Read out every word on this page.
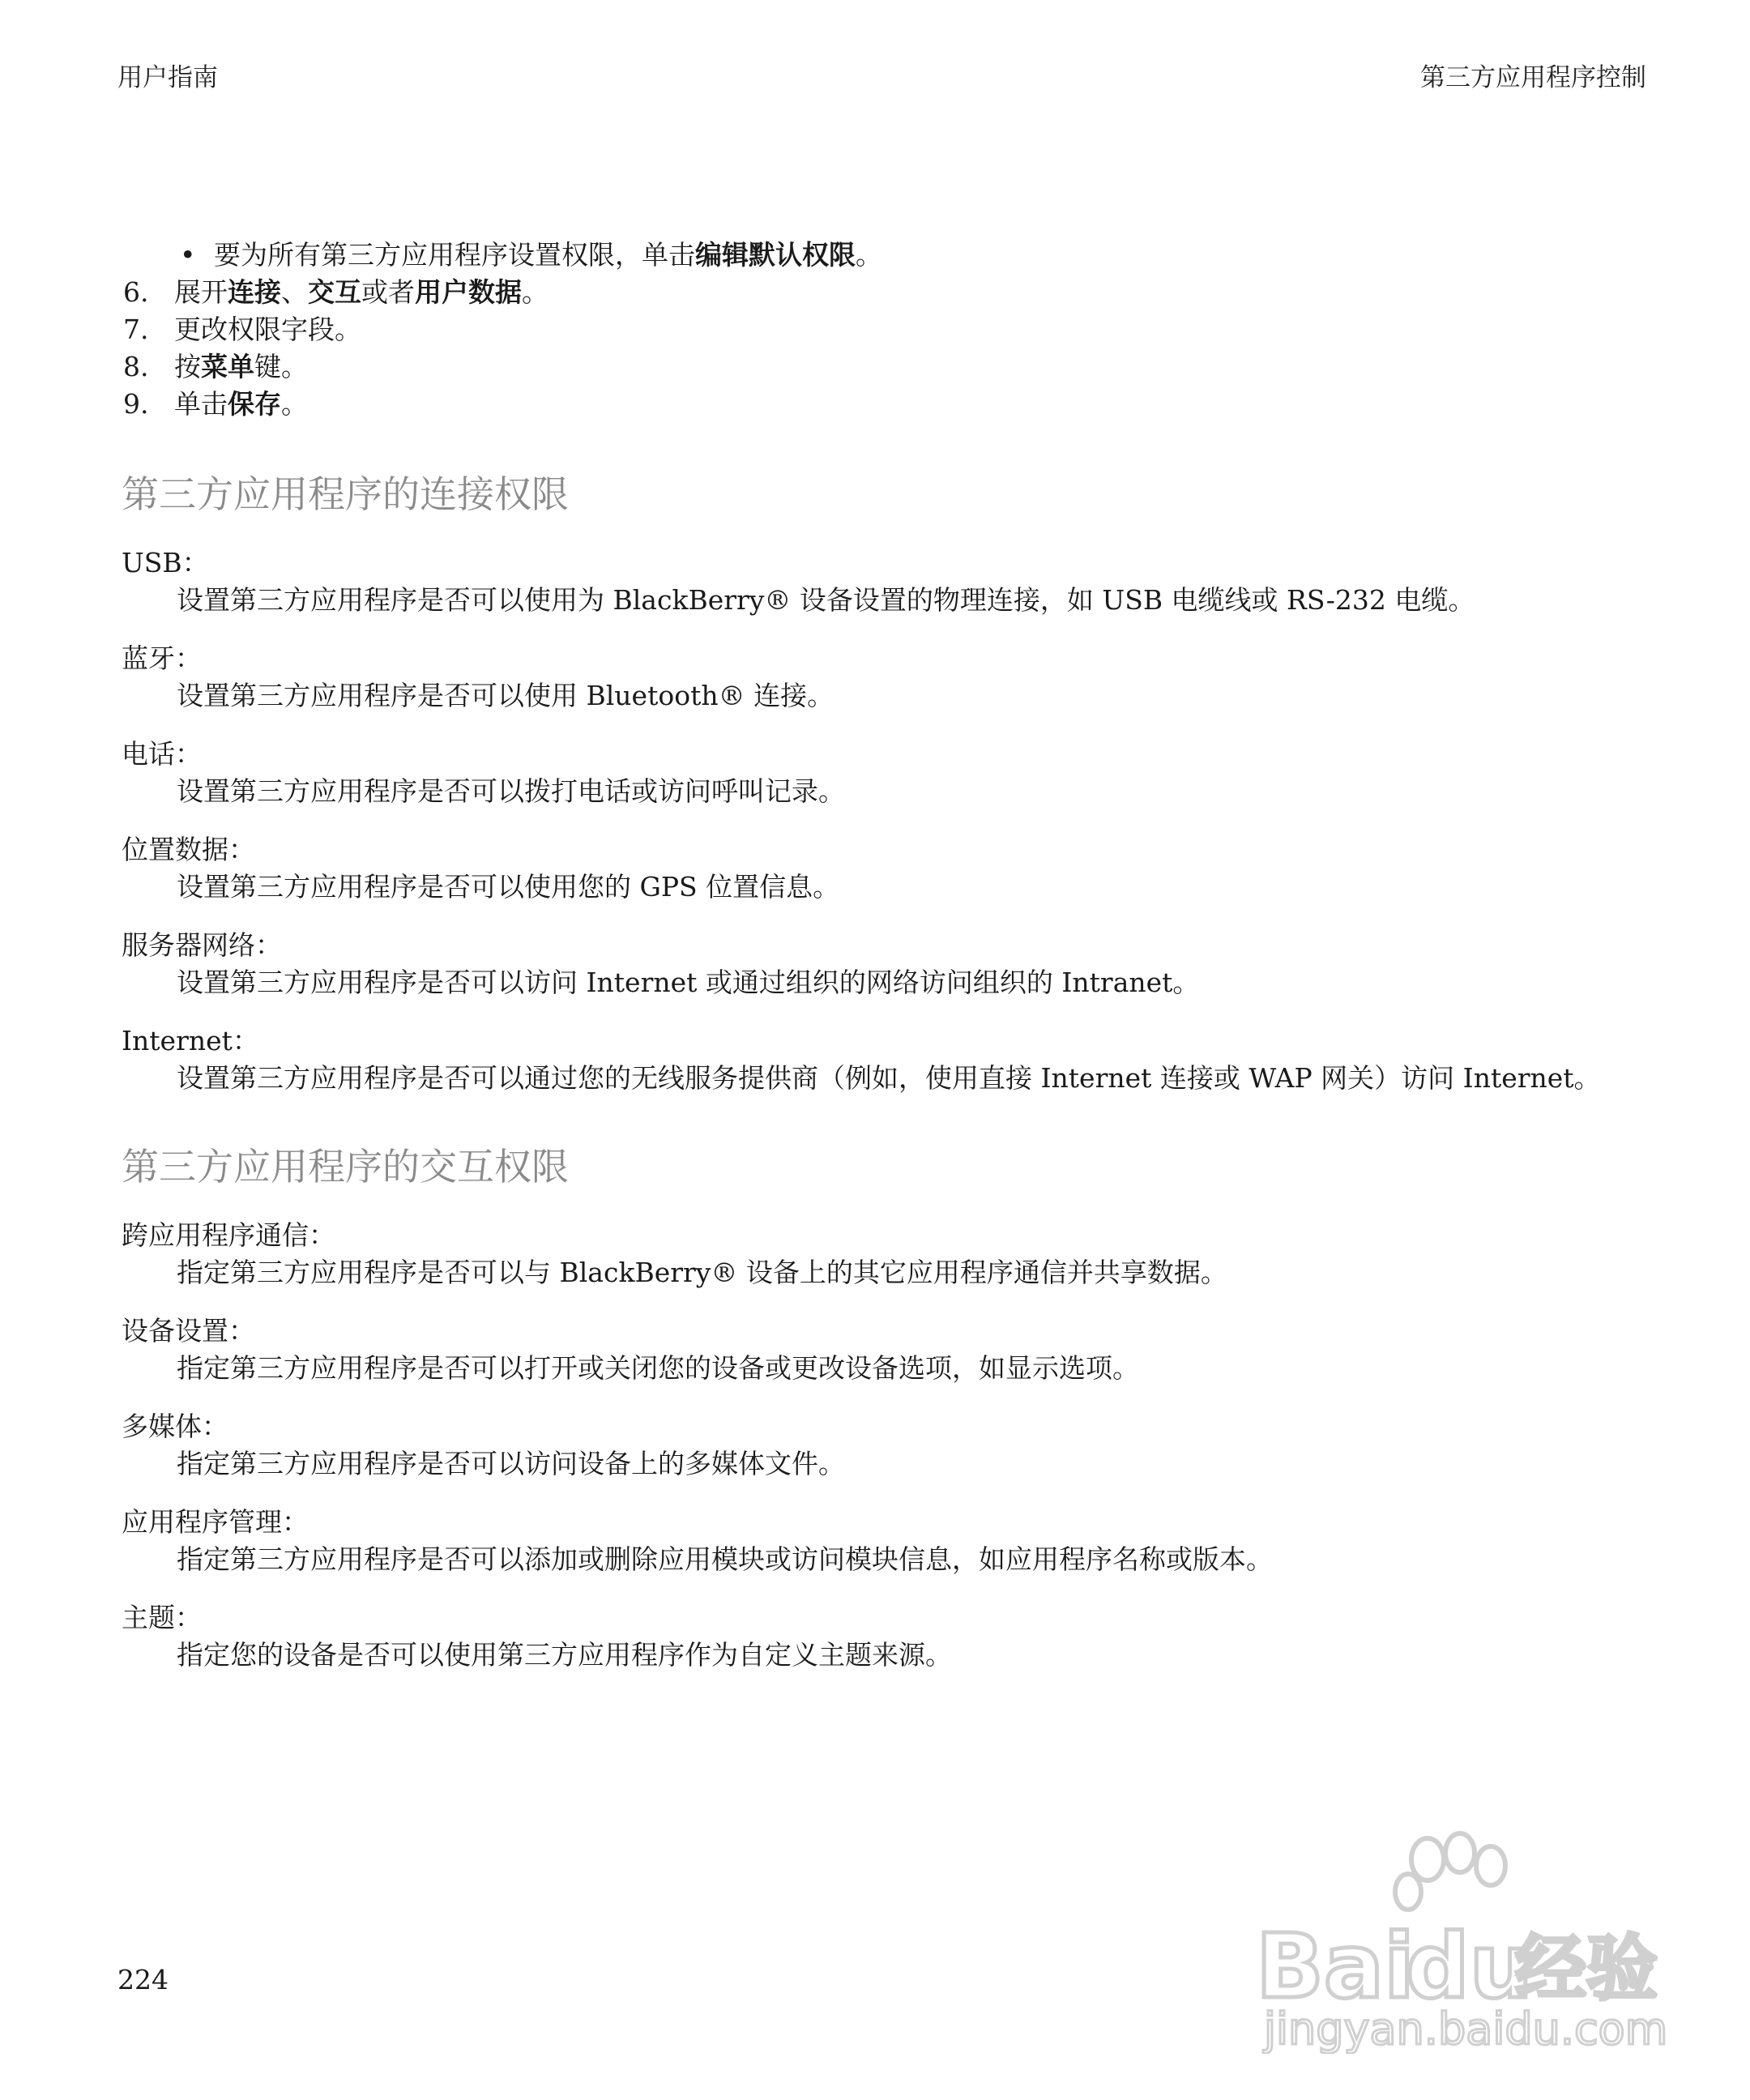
用户指南	第三方应用程序控制
• 要为所有第三方应用程序设置权限，单击编辑默认权限。
6. 展开连接、交互或者用户数据。
7. 更改权限字段。
8. 按菜单键。
9. 单击保存。
第三方应用程序的连接权限
USB：
设置第三方应用程序是否可以使用为 BlackBerry® 设备设置的物理连接，如 USB 电缆线或 RS-232 电缆。
蓝牙：
设置第三方应用程序是否可以使用 Bluetooth® 连接。
电话：
设置第三方应用程序是否可以拨打电话或访问呼叫记录。
位置数据：
设置第三方应用程序是否可以使用您的 GPS 位置信息。
服务器网络：
设置第三方应用程序是否可以访问 Internet 或通过组织的网络访问组织的 Intranet。
Internet：
设置第三方应用程序是否可以通过您的无线服务提供商（例如，使用直接 Internet 连接或 WAP 网关）访问 Internet。
第三方应用程序的交互权限
跨应用程序通信：
指定第三方应用程序是否可以与 BlackBerry® 设备上的其它应用程序通信并共享数据。
设备设置：
指定第三方应用程序是否可以打开或关闭您的设备或更改设备选项，如显示选项。
多媒体：
指定第三方应用程序是否可以访问设备上的多媒体文件。
应用程序管理：
指定第三方应用程序是否可以添加或删除应用模块或访问模块信息，如应用程序名称或版本。
主题：
指定您的设备是否可以使用第三方应用程序作为自定义主题来源。
224	Bai
du
经验
jingyan.baidu.com
